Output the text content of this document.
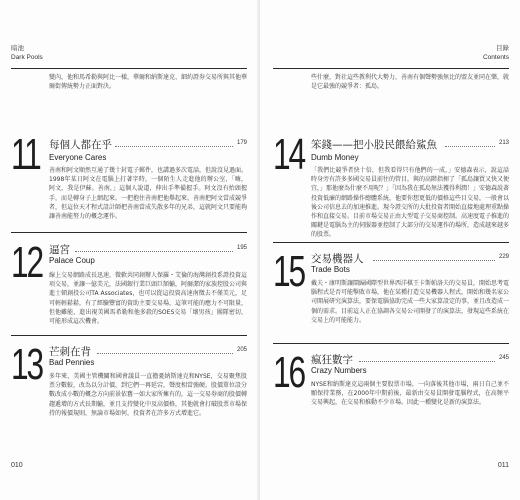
暗池
Dark Pools
變內，他和馬希勒與阿比一樣，華爾和納斯達克、細約證券交易所與其他華爾街傳統勢力正面對決。
11 每個人都在乎	179
Everyone Cares
善南和阿文順然互通了幾十封電子郵件，也講過多次電話，但說沒見過面。1998年某日阿文在電腦上打著字時，一個陌生人走進他的辦公室，「嗨，阿文，我是伊蘇。善南，」這個人說道，伸出手準備握手。阿文沒有抬頭握手，而是轉身子上網起來。一把抱住善南把他舉起來。善南把阿文當成競爭者，但這位天才程式設計師把善南當成失散多年的兄弟，這就阿文只要能夠讓善南能努力的概念運作。
12 逼宮	195
Palace Coup
線上交易網路成長迅速，微軟共同創辦人保羅・艾倫的海灣創投系證投資這項交易，並讓一億美元，法國銀行業巨頭巨額輸，阿爾潔的家族控股公司與進士頓創投公司TA Associates，也可以從這投資高速南徵去不僅美元，足可輕輕鬆鬆，有了經驗豐富的資助主要交易場，這筆可能的應力不可限量，但他雖能，進出視美國馬希勒和他多殺的SOES交易「壞男孩」團隊密切，可能形成這次機會。
13 芒刺在背	205
Bad Pennies
多年來，美國主管機關和國會議員一直擔憂納斯達克和NYSE，交易聚焦股票分數較，改為以分計價，到它們一再延宕，聲度相當強硬。股價單位設分數改成小數的概念方向前景依舊一如大家所擁有的，這一交易券商的股價轉趨遞增的方式長期輸，並且支持變化中及高價格，其他就會打破股票市場保持的報價規則，無論市場如何，投資者在許多方式增進它。
010
目錄
Contents
些什麼，對社這些教利代大勢力，善南有個聲勢強無比的盟友並同在樂，就是它最強的競爭者：孤島。
14 笨錢——把小股民餵給鯊魚	213
Dumb Money
「我們比競爭者快十倍，但我看得只有他們的一成，」安德森表示，說這話時身旁有許多多國交易員前往的管目，與的高階指揮了「孤島讓買又快又便宜，」那他麼為什麼不用呢？」「因為我在孤島無法獲得利潤！」安德森說著投資低廉的網路操作總體系統，他要你想更低的價格這些目交易，一般會以後公司信息去的加速推進。現今證交所的大批投資者開始直接地處理重點操作和直接交易。目前市場交易正由大型電子交易商控制。高速度電子推進的關鍵是電腦為主的伺服器並控制了大部分的交易運作的場所，造成越來越多的股票。
15 交易機器人	229
Trade Bots
戴夫・康明斯讓鬧歸國際型世界西洋棋王卡斯帕洛夫的交易員，開始思考電腦程式是否可能擊敗市場，他在某種打造交易機器人程式，開始和幾名家公司開展研究演算法，要保電腦協助完成一些大家算設定的事，並且改造成一個的需求。目前這人正在協調各交易公司開發了的演算法，發現這些系統在交易上的可能能力。
16 瘋狂數字	245
Crazy Numbers
NYSE和納斯達克這兩個主要股票市場，一向落後其他市場，兩日自己並不願保持業務，在2000年中期前後，最新由交易員開發電腦程式，在高頻平交易興起，在交易和推動不少市場。因此一種變化是新的演算法。
011
